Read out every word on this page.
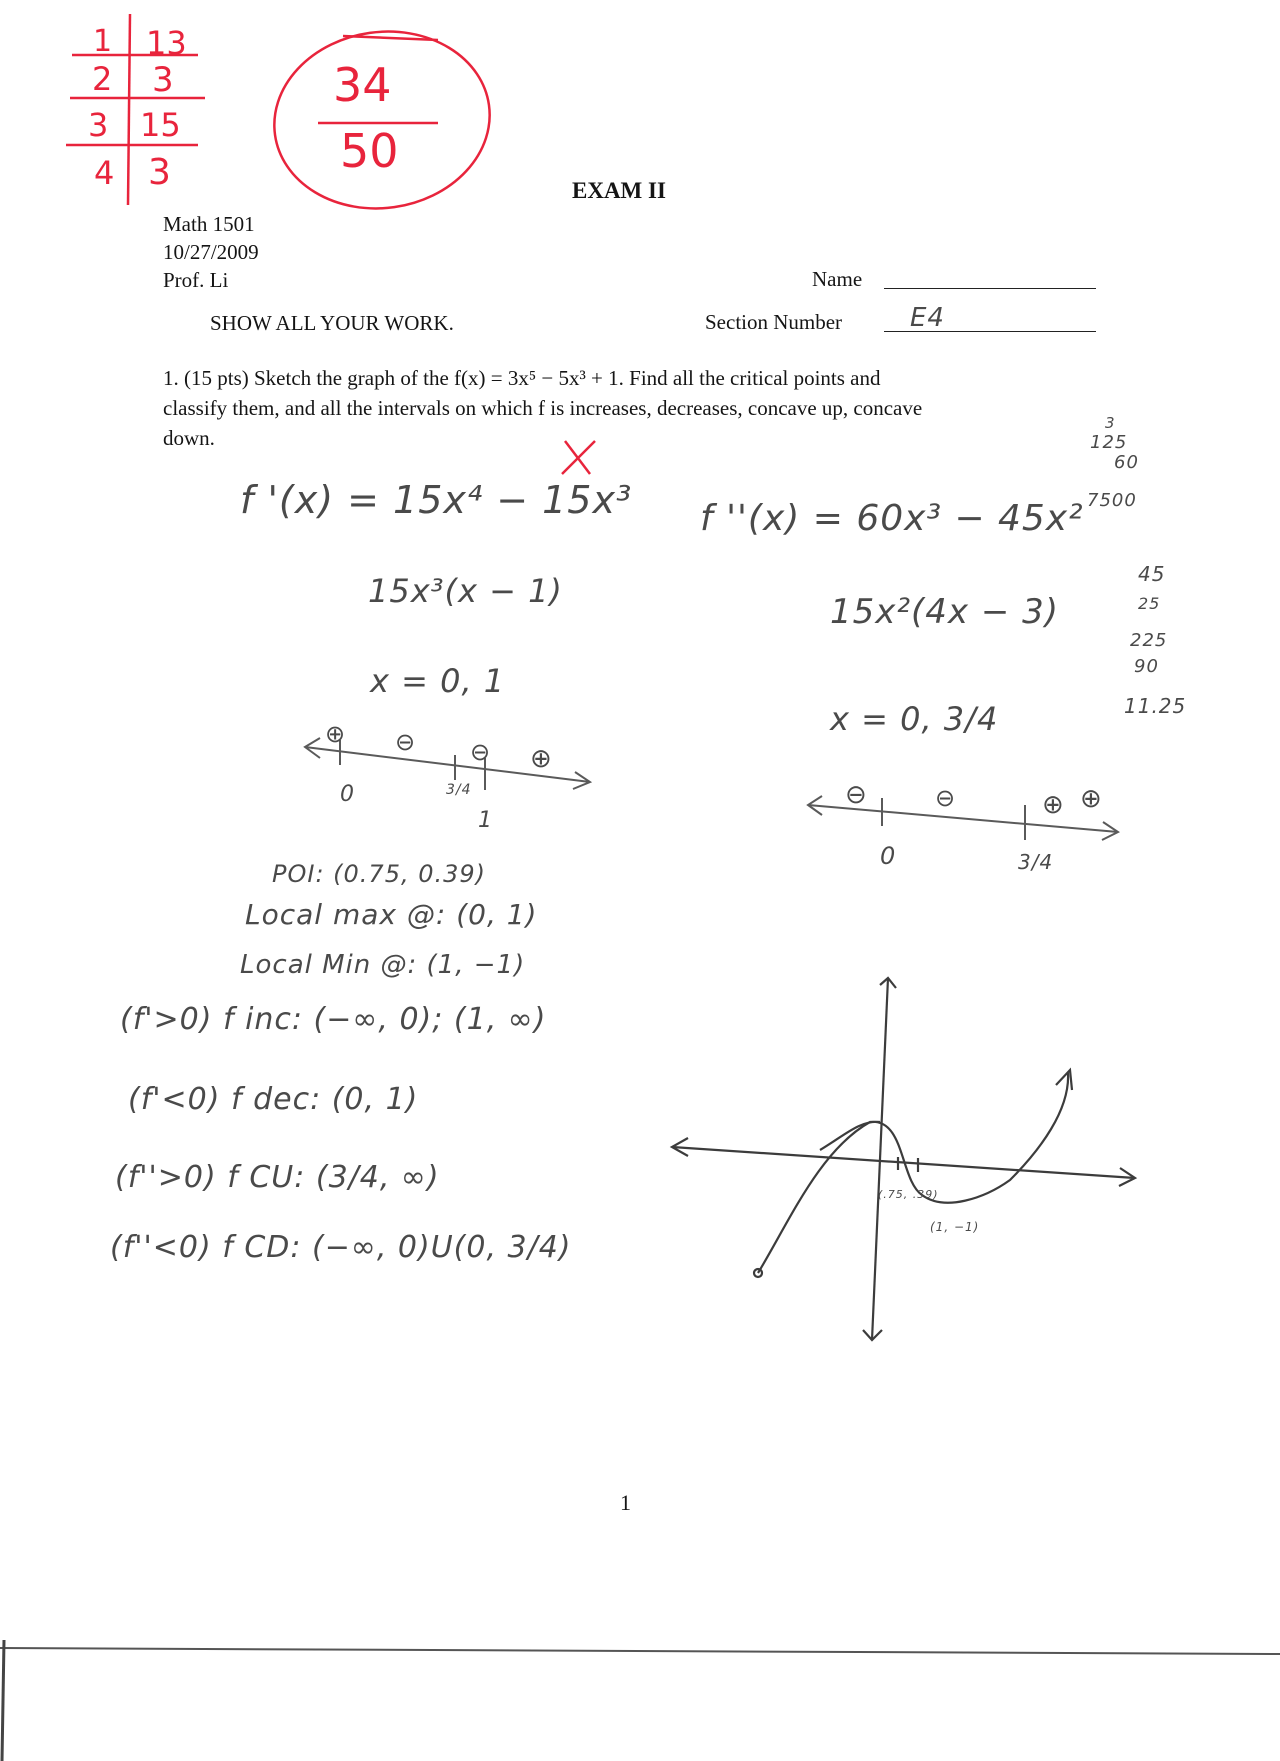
1 13
2 3
3 15
4 3
34
50
EXAM II
Math 1501
10/27/2009
Prof. Li	Name
SHOW ALL YOUR WORK.	Section Number	E4
1. (15 pts) Sketch the graph of the f(x) = 3x⁵ − 5x³ + 1. Find all the critical points and
classify them, and all the intervals on which f is increases, decreases, concave up, concave
down.
3
125
60
7500
45
25
225
90
11.25
f '(x) = 15x⁴ − 15x³
15x³(x − 1)
x = 0, 1
⊕ ⊖ ⊖ ⊕
0	3/4
1
f ''(x) = 60x³ − 45x²
15x²(4x − 3)
x = 0, 3/4
⊖	⊖	⊕ ⊕
0	3/4
POI: (0.75, 0.39)
Local max @: (0, 1)
Local Min @: (1, −1)
(f'>0) f inc: (−∞, 0); (1, ∞)
(f'<0) f dec: (0, 1)
(f''>0) f CU: (3/4, ∞)
(f''<0) f CD: (−∞, 0)U(0, 3/4)
(.75, .39)
(1, −1)
1
